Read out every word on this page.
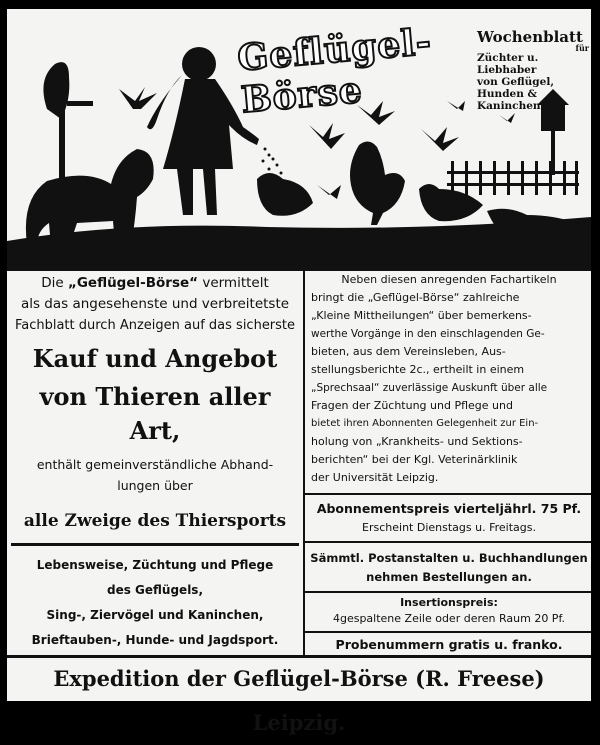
Geflügel-Börse
Wochenblatt
für
Züchter u. Liebhaber
von Geflügel, Hunden & Kaninchen.
Die „Geflügel-Börse“ vermittelt
als das angesehenste und verbreitetste
Fachblatt durch Anzeigen auf das sicherste
Kauf und Angebot
von Thieren aller Art,
enthält gemeinverständliche Abhand-
lungen über
alle Zweige des Thiersports
Lebensweise, Züchtung und Pflege
des Geflügels,
Sing-, Ziervögel und Kaninchen,
Brieftauben-, Hunde- und Jagdsport.
Neben diesen anregenden Fachartikeln
bringt die „Geflügel-Börse“ zahlreiche
„Kleine Mittheilungen“ über bemerkens-
werthe Vorgänge in den einschlagenden Ge-
bieten, aus dem Vereinsleben, Aus-
stellungsberichte 2c., ertheilt in einem
„Sprechsaal“ zuverlässige Auskunft über alle
Fragen der Züchtung und Pflege und
bietet ihren Abonnenten Gelegenheit zur Ein-
holung von „Krankheits- und Sektions-
berichten“ bei der Kgl. Veterinärklinik
der Universität Leipzig.
Abonnementspreis vierteljährl. 75 Pf.
Erscheint Dienstags u. Freitags.
Sämmtl. Postanstalten u. Buchhandlungen
nehmen Bestellungen an.
Insertionspreis:
4gespaltene Zeile oder deren Raum 20 Pf.
Probenummern gratis u. franko.
Expedition der Geflügel-Börse (R. Freese) Leipzig.
